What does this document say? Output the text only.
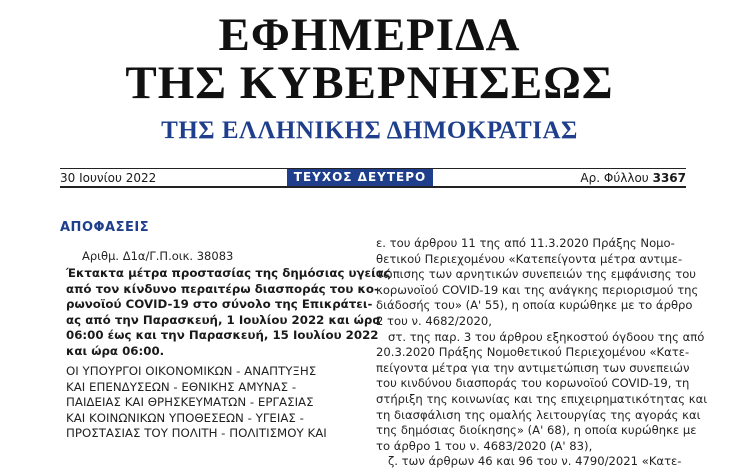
ΕΦΗΜΕΡΙΔΑ
ΤΗΣ ΚΥΒΕΡΝΗΣΕΩΣ
ΤΗΣ ΕΛΛΗΝΙΚΗΣ ΔΗΜΟΚΡΑΤΙΑΣ
30 Ιουνίου 2022	ΤΕΥΧΟΣ ΔΕΥΤΕΡΟ	Αρ. Φύλλου 3367
ΑΠΟΦΑΣΕΙΣ
Αριθμ. Δ1α/Γ.Π.οικ. 38083
Έκτακτα μέτρα προστασίας της δημόσιας υγείας
από τον κίνδυνο περαιτέρω διασποράς του κο-
ρωνοϊού COVID-19 στο σύνολο της Επικράτει-
ας από την Παρασκευή, 1 Ιουλίου 2022 και ώρα
06:00 έως και την Παρασκευή, 15 Ιουλίου 2022
και ώρα 06:00.
ΟΙ ΥΠΟΥΡΓΟΙ ΟΙΚΟΝΟΜΙΚΩΝ - ΑΝΑΠΤΥΞΗΣ
ΚΑΙ ΕΠΕΝΔΥΣΕΩΝ - ΕΘΝΙΚΗΣ ΑΜΥΝΑΣ -
ΠΑΙΔΕΙΑΣ ΚΑΙ ΘΡΗΣΚΕΥΜΑΤΩΝ - ΕΡΓΑΣΙΑΣ
ΚΑΙ ΚΟΙΝΩΝΙΚΩΝ ΥΠΟΘΕΣΕΩΝ - ΥΓΕΙΑΣ -
ΠΡΟΣΤΑΣΙΑΣ ΤΟΥ ΠΟΛΙΤΗ - ΠΟΛΙΤΙΣΜΟΥ ΚΑΙ
ε. του άρθρου 11 της από 11.3.2020 Πράξης Νομο-
θετικού Περιεχομένου «Κατεπείγοντα μέτρα αντιμε-
τώπισης των αρνητικών συνεπειών της εμφάνισης του
κορωνοϊού COVID-19 και της ανάγκης περιορισμού της
διάδοσής του» (Α' 55), η οποία κυρώθηκε με το άρθρο
2 του ν. 4682/2020,
στ. της παρ. 3 του άρθρου εξηκοστού όγδοου της από
20.3.2020 Πράξης Νομοθετικού Περιεχομένου «Κατε-
πείγοντα μέτρα για την αντιμετώπιση των συνεπειών
του κινδύνου διασποράς του κορωνοϊού COVID-19, τη
στήριξη της κοινωνίας και της επιχειρηματικότητας και
τη διασφάλιση της ομαλής λειτουργίας της αγοράς και
της δημόσιας διοίκησης» (Α' 68), η οποία κυρώθηκε με
το άρθρο 1 του ν. 4683/2020 (Α' 83),
ζ. των άρθρων 46 και 96 του ν. 4790/2021 «Κατε-
